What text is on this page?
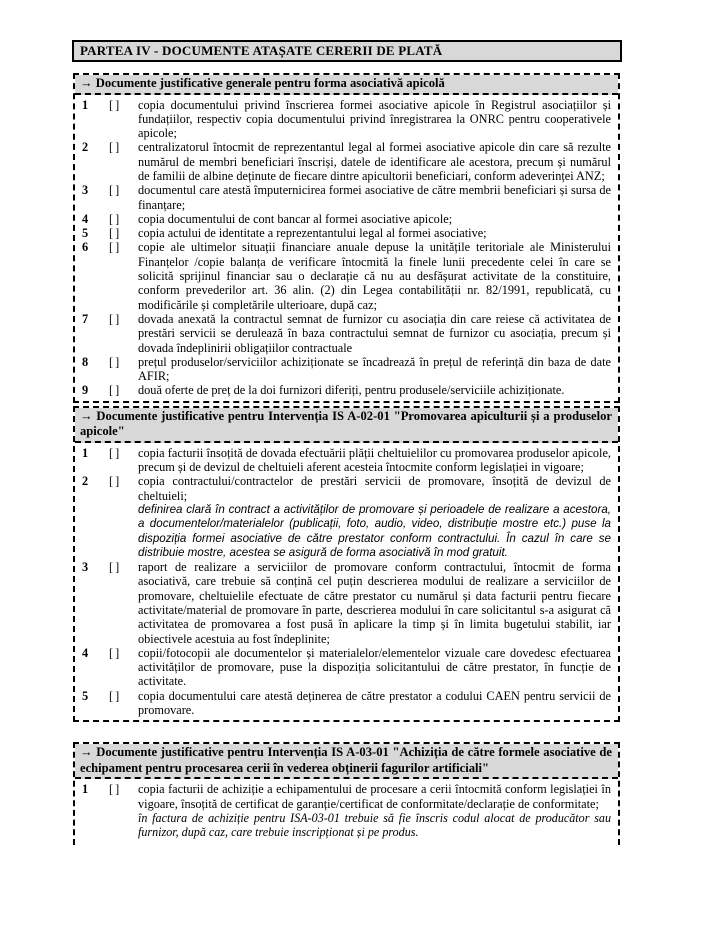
PARTEA IV - DOCUMENTE ATAȘATE CERERII DE PLATĂ
→ Documente justificative generale pentru forma asociativă apicolă
1	[ ]	copia documentului privind înscrierea formei asociative apicole în Registrul asociațiilor și fundațiilor, respectiv copia documentului privind înregistrarea la ONRC pentru cooperativele apicole;
2	[ ]	centralizatorul întocmit de reprezentantul legal al formei asociative apicole din care să rezulte numărul de membri beneficiari înscriși, datele de identificare ale acestora, precum și numărul de familii de albine deținute de fiecare dintre apicultorii beneficiari, conform adeverinței ANZ;
3	[ ]	documentul care atestă împuternicirea formei asociative de către membrii beneficiari și sursa de finanțare;
4	[ ]	copia documentului de cont bancar al formei asociative apicole;
5	[ ]	copia actului de identitate a reprezentantului legal al formei asociative;
6	[ ]	copie ale ultimelor situații financiare anuale depuse la unitățile teritoriale ale Ministerului Finanțelor /copie balanța de verificare întocmită la finele lunii precedente celei în care se solicită sprijinul financiar sau o declarație că nu au desfășurat activitate de la constituire, conform prevederilor art. 36 alin. (2) din Legea contabilității nr. 82/1991, republicată, cu modificările și completările ulterioare, după caz;
7	[ ]	dovada anexată la contractul semnat de furnizor cu asociația din care reiese că activitatea de prestări servicii se derulează în baza contractului semnat de furnizor cu asociația, precum și dovada îndeplinirii obligațiilor contractuale
8	[ ]	prețul produselor/serviciilor achiziționate se încadrează în prețul de referință din baza de date AFIR;
9	[ ]	două oferte de preț de la doi furnizori diferiți, pentru produsele/serviciile achiziționate.
→ Documente justificative pentru Intervenția IS A-02-01 "Promovarea apiculturii și a produselor apicole"
1	[ ]	copia facturii însoțită de dovada efectuării plății cheltuielilor cu promovarea produselor apicole, precum și de devizul de cheltuieli aferent acesteia întocmite conform legislației in vigoare;
2	[ ]	copia contractului/contractelor de prestări servicii de promovare, însoțită de devizul de cheltuieli;
definirea clară în contract a activităților de promovare și perioadele de realizare a acestora, a documentelor/materialelor (publicații, foto, audio, video, distribuție mostre etc.) puse la dispoziția formei asociative de către prestator conform contractului. În cazul în care se distribuie mostre, acestea se asigură de forma asociativă în mod gratuit.
3	[ ]	raport de realizare a serviciilor de promovare conform contractului, întocmit de forma asociativă, care trebuie să conțină cel puțin descrierea modului de realizare a serviciilor de promovare, cheltuielile efectuate de către prestator cu numărul și data facturii pentru fiecare activitate/material de promovare în parte, descrierea modului în care solicitantul s-a asigurat că activitatea de promovarea a fost pusă în aplicare la timp și în limita bugetului stabilit, iar obiectivele acestuia au fost îndeplinite;
4	[ ]	copii/fotocopii ale documentelor și materialelor/elementelor vizuale care dovedesc efectuarea activităților de promovare, puse la dispoziția solicitantului de către prestator, în funcție de activitate.
5	[ ]	copia documentului care atestă deținerea de către prestator a codului CAEN pentru servicii de promovare.
→ Documente justificative pentru Intervenția IS A-03-01 "Achiziția de către formele asociative de echipament pentru procesarea cerii în vederea obținerii fagurilor artificiali"
1	[ ]	copia facturii de achiziție a echipamentului de procesare a cerii întocmită conform legislației în vigoare, însoțită de certificat de garanție/certificat de conformitate/declarație de conformitate;
în factura de achiziție pentru ISA-03-01 trebuie să fie înscris codul alocat de producător sau furnizor, după caz, care trebuie inscripționat și pe produs.
